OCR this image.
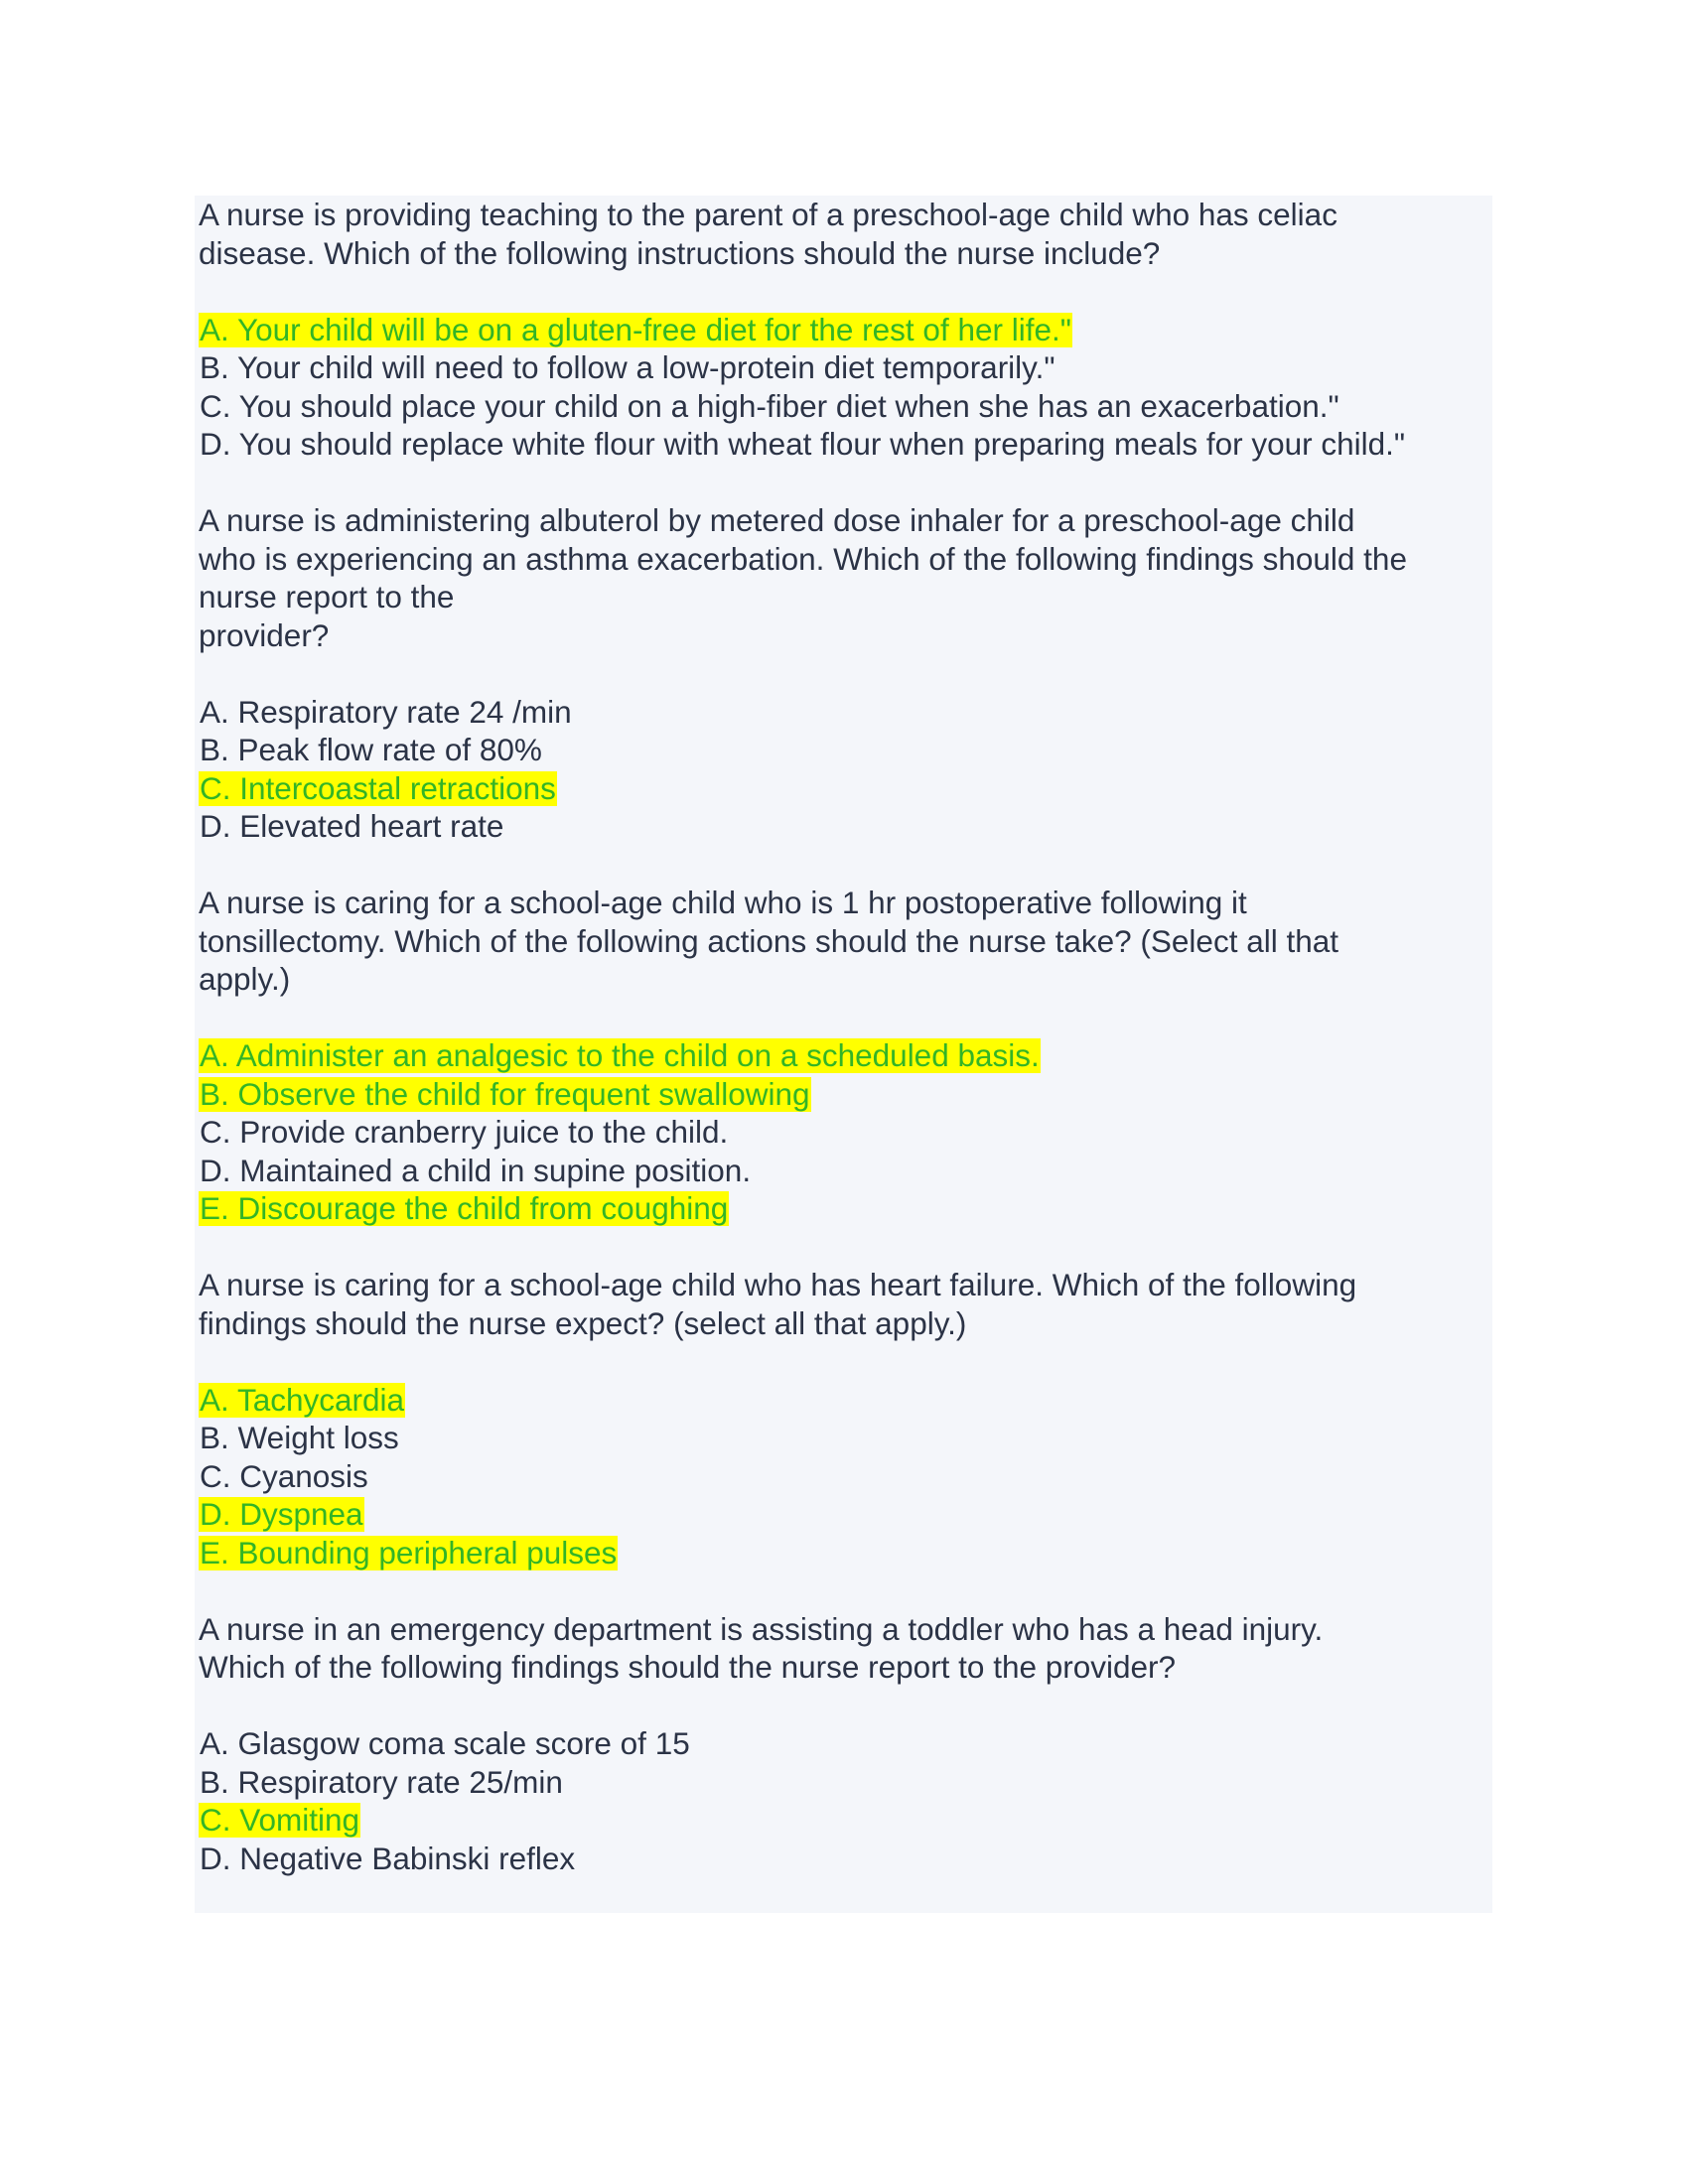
A nurse is providing teaching to the parent of a preschool-age child who has celiac
disease. Which of the following instructions should the nurse include?

A. Your child will be on a gluten-free diet for the rest of her life."
B. Your child will need to follow a low-protein diet temporarily."
C. You should place your child on a high-fiber diet when she has an exacerbation."
D. You should replace white flour with wheat flour when preparing meals for your child."

A nurse is administering albuterol by metered dose inhaler for a preschool-age child
who is experiencing an asthma exacerbation. Which of the following findings should the
nurse report to the
provider?

A. Respiratory rate 24 /min
B. Peak flow rate of 80%
C. Intercoastal retractions
D. Elevated heart rate

A nurse is caring for a school-age child who is 1 hr postoperative following it
tonsillectomy. Which of the following actions should the nurse take? (Select all that
apply.)

A. Administer an analgesic to the child on a scheduled basis.
B. Observe the child for frequent swallowing
C. Provide cranberry juice to the child.
D. Maintained a child in supine position.
E. Discourage the child from coughing

A nurse is caring for a school-age child who has heart failure. Which of the following
findings should the nurse expect? (select all that apply.)

A. Tachycardia
B. Weight loss
C. Cyanosis
D. Dyspnea
E. Bounding peripheral pulses

A nurse in an emergency department is assisting a toddler who has a head injury.
Which of the following findings should the nurse report to the provider?

A. Glasgow coma scale score of 15
B. Respiratory rate 25/min
C. Vomiting
D. Negative Babinski reflex
